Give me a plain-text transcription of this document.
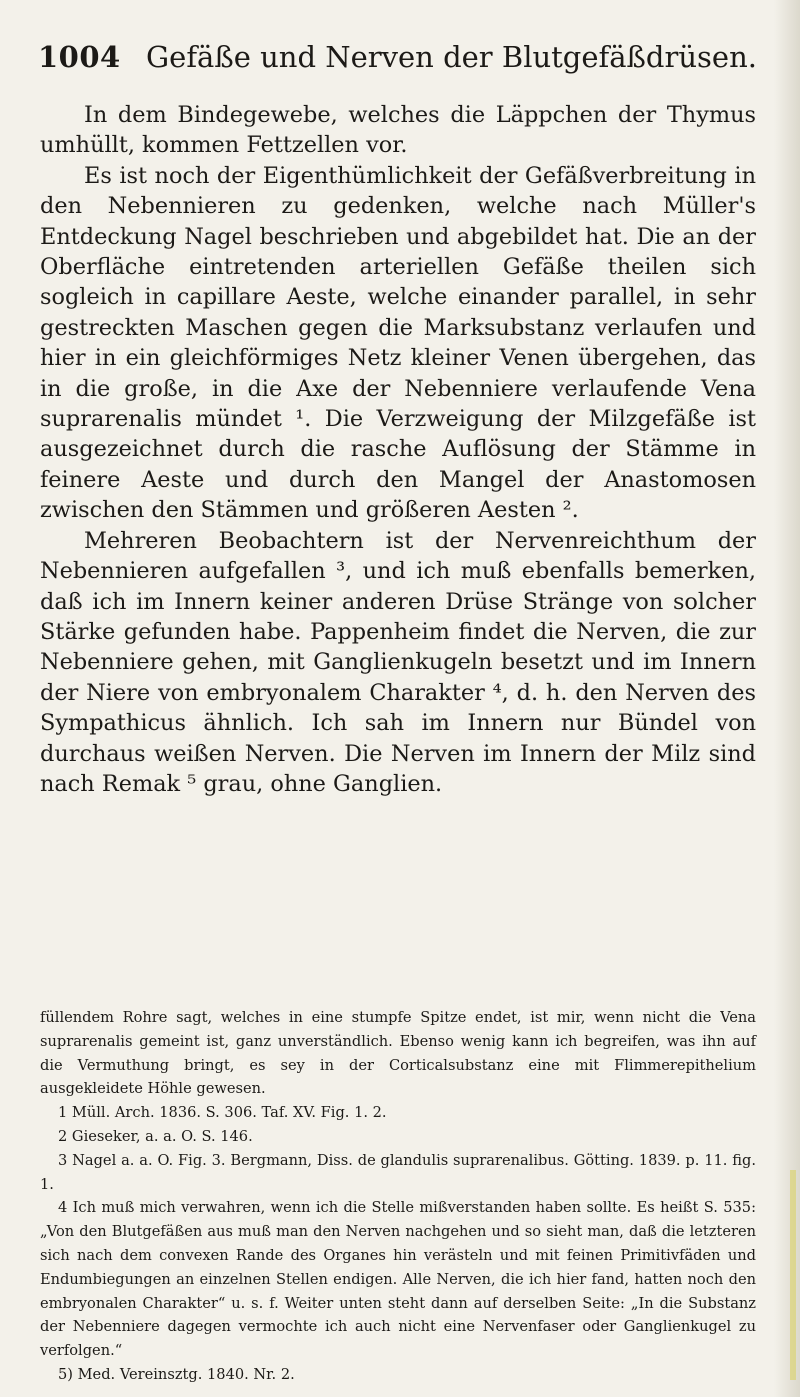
1004 Gefäße und Nerven der Blutgefäßdrüsen.

In dem Bindegewebe, welches die Läppchen der Thymus umhüllt, kommen Fettzellen vor.

Es ist noch der Eigenthümlichkeit der Gefäßverbreitung in den Nebennieren zu gedenken, welche nach Müller's Entdeckung Nagel beschrieben und abgebildet hat. Die an der Oberfläche eintretenden arteriellen Gefäße theilen sich sogleich in capillare Aeste, welche einander parallel, in sehr gestreckten Maschen gegen die Marksubstanz verlaufen und hier in ein gleichförmiges Netz kleiner Venen übergehen, das in die große, in die Axe der Nebenniere verlaufende Vena suprarenalis mündet ¹. Die Verzweigung der Milzgefäße ist ausgezeichnet durch die rasche Auflösung der Stämme in feinere Aeste und durch den Mangel der Anastomosen zwischen den Stämmen und größeren Aesten ².

Mehreren Beobachtern ist der Nervenreichthum der Nebennieren aufgefallen ³, und ich muß ebenfalls bemerken, daß ich im Innern keiner anderen Drüse Stränge von solcher Stärke gefunden habe. Pappenheim findet die Nerven, die zur Nebenniere gehen, mit Ganglienkugeln besetzt und im Innern der Niere von embryonalem Charakter ⁴, d. h. den Nerven des Sympathicus ähnlich. Ich sah im Innern nur Bündel von durchaus weißen Nerven. Die Nerven im Innern der Milz sind nach Remak ⁵ grau, ohne Ganglien.

füllendem Rohre sagt, welches in eine stumpfe Spitze endet, ist mir, wenn nicht die Vena suprarenalis gemeint ist, ganz unverständlich. Ebenso wenig kann ich begreifen, was ihn auf die Vermuthung bringt, es sey in der Corticalsubstanz eine mit Flimmerepithelium ausgekleidete Höhle gewesen.

1 Müll. Arch. 1836. S. 306. Taf. XV. Fig. 1. 2.

2 Gieseker, a. a. O. S. 146.

3 Nagel a. a. O. Fig. 3. Bergmann, Diss. de glandulis suprarenalibus. Götting. 1839. p. 11. fig. 1.

4 Ich muß mich verwahren, wenn ich die Stelle mißverstanden haben sollte. Es heißt S. 535: „Von den Blutgefäßen aus muß man den Nerven nachgehen und so sieht man, daß die letzteren sich nach dem convexen Rande des Organes hin verästeln und mit feinen Primitivfäden und Endumbiegungen an einzelnen Stellen endigen. Alle Nerven, die ich hier fand, hatten noch den embryonalen Charakter“ u. s. f. Weiter unten steht dann auf derselben Seite: „In die Substanz der Nebenniere dagegen vermochte ich auch nicht eine Nervenfaser oder Ganglienkugel zu verfolgen.“

5) Med. Vereinsztg. 1840. Nr. 2.
